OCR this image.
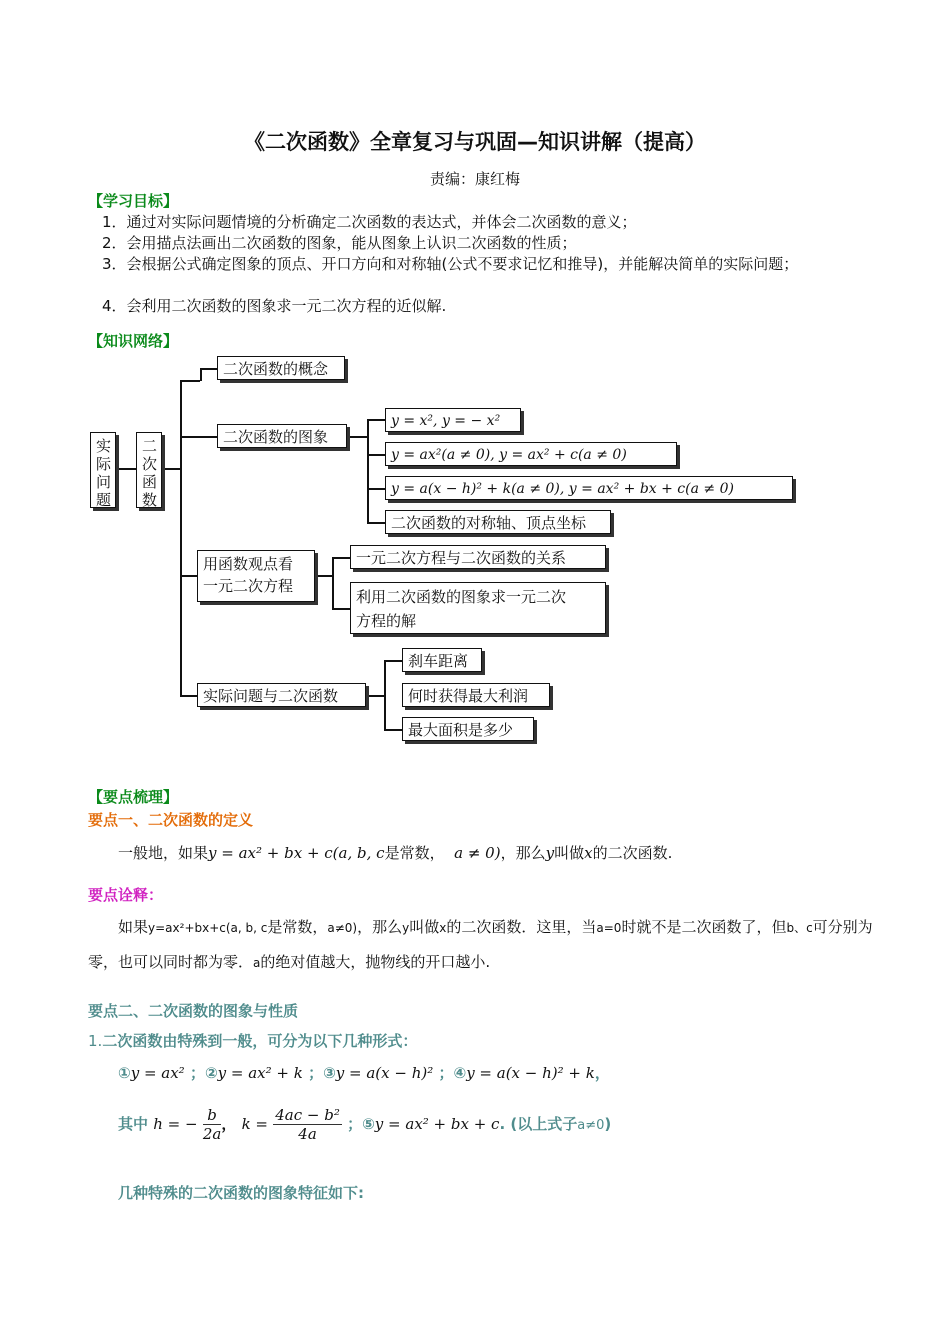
《二次函数》全章复习与巩固—知识讲解（提高）
责编：康红梅
【学习目标】
1．通过对实际问题情境的分析确定二次函数的表达式，并体会二次函数的意义；
2．会用描点法画出二次函数的图象，能从图象上认识二次函数的性质；
3．会根据公式确定图象的顶点、开口方向和对称轴(公式不要求记忆和推导)，并能解决简单的实际问题；
4．会利用二次函数的图象求一元二次方程的近似解.
【知识网络】
实际问题 二次函数
二次函数的概念
二次函数的图象
y = x², y = − x²
y = ax²(a ≠ 0), y = ax² + c(a ≠ 0)
y = a(x − h)² + k(a ≠ 0), y = ax² + bx + c(a ≠ 0)
二次函数的对称轴、顶点坐标
用函数观点看
一元二次方程
一元二次方程与二次函数的关系
利用二次函数的图象求一元二次
方程的解
实际问题与二次函数
刹车距离
何时获得最大利润
最大面积是多少
【要点梳理】
要点一、二次函数的定义
一般地，如果y = ax² + bx + c(a, b, c是常数， a ≠ 0)，那么y叫做x的二次函数.
要点诠释：
如果y=ax²+bx+c(a, b, c是常数，a≠0)，那么y叫做x的二次函数．这里，当a=0时就不是二次函数了，但b、c可分别为零，也可以同时都为零．a的绝对值越大，抛物线的开口越小.
要点二、二次函数的图象与性质
1.二次函数由特殊到一般，可分为以下几种形式：
①y = ax² ；②y = ax² + k ；③y = a(x − h)² ；④y = a(x − h)² + k，
其中 h = − $\frac{b}{2a}$ ， $k = \frac{\text{4ac − b²}}{4a}$ ；⑤y = ax² + bx + c. (以上式子a≠0)
几种特殊的二次函数的图象特征如下:
